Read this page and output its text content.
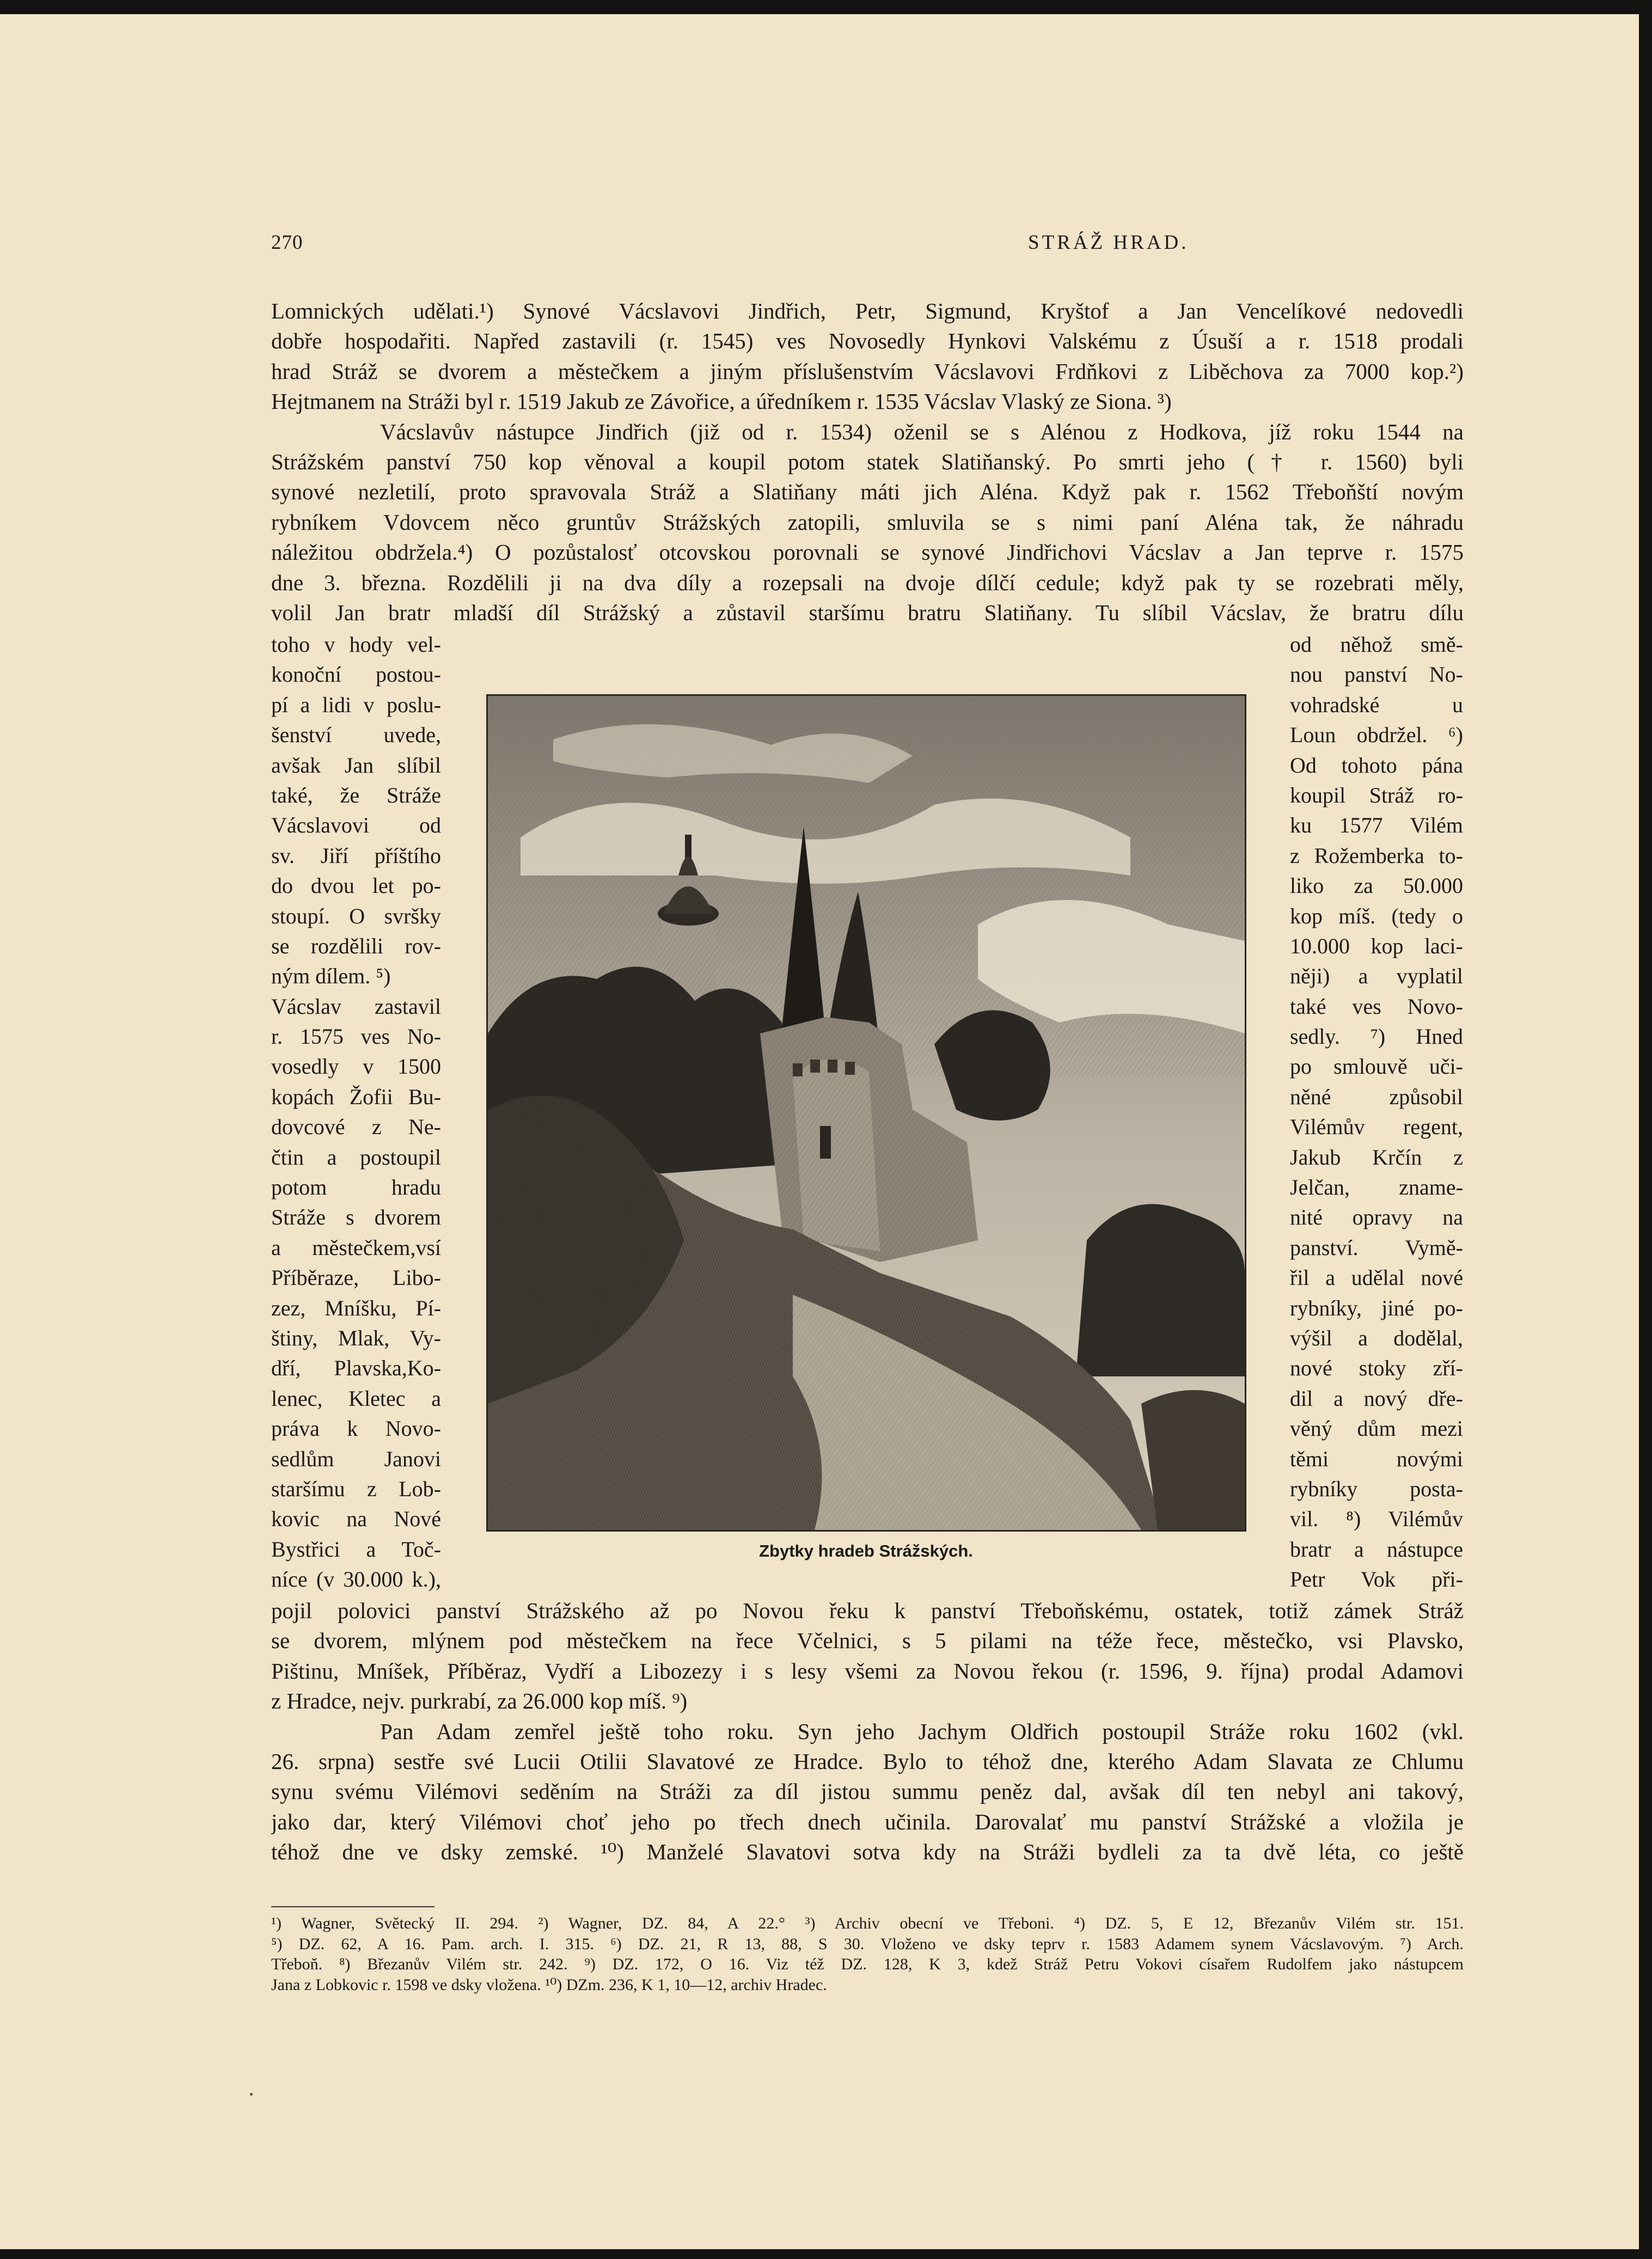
270	STRÁŽ HRAD.
Lomnických udělati.¹) Synové Vácslavovi Jindřich, Petr, Sigmund, Kryštof a Jan Vencelíkové nedovedli
dobře hospodařiti. Napřed zastavili (r. 1545) ves Novosedly Hynkovi Valskému z Úsuší a r. 1518 prodali
hrad Stráž se dvorem a městečkem a jiným příslušenstvím Vácslavovi Frdňkovi z Liběchova za 7000 kop.²)
Hejtmanem na Stráži byl r. 1519 Jakub ze Závořice, a úředníkem r. 1535 Vácslav Vlaský ze Siona. ³)
Vácslavův nástupce Jindřich (již od r. 1534) oženil se s Alénou z Hodkova, jíž roku 1544 na
Strážském panství 750 kop věnoval a koupil potom statek Slatiňanský. Po smrti jeho († r. 1560) byli
synové nezletilí, proto spravovala Stráž a Slatiňany máti jich Aléna. Když pak r. 1562 Třeboňští novým
rybníkem Vdovcem něco gruntův Strážských zatopili, smluvila se s nimi paní Aléna tak, že náhradu
náležitou obdržela.⁴) O pozůstalosť otcovskou porovnali se synové Jindřichovi Vácslav a Jan teprve r. 1575
dne 3. března. Rozdělili ji na dva díly a rozepsali na dvoje dílčí cedule; když pak ty se rozebrati měly,
volil Jan bratr mladší díl Strážský a zůstavil staršímu bratru Slatiňany. Tu slíbil Vácslav, že bratru dílu
toho v hody vel-
konoční postou-
pí a lidi v poslu-
šenství uvede,
avšak Jan slíbil
také, že Stráže
Vácslavovi od
sv. Jiří příštího
do dvou let po-
stoupí. O svršky
se rozdělili rov-
ným dílem. ⁵)
Vácslav zastavil
r. 1575 ves No-
vosedly v 1500
kopách Žofii Bu-
dovcové z Ne-
čtin a postoupil
potom hradu
Stráže s dvorem
a městečkem,vsí
Příběraze, Libo-
zez, Mníšku, Pí-
štiny, Mlak, Vy-
dří, Plavska,Ko-
lenec, Kletec a
práva k Novo-
sedlům Janovi
staršímu z Lob-
kovic na Nové
Bystřici a Toč-
níce (v 30.000 k.),
Zbytky hradeb Strážských.
od něhož smě-
nou panství No-
vohradské u
Loun obdržel. ⁶)
Od tohoto pána
koupil Stráž ro-
ku 1577 Vilém
z Rožemberka to-
liko za 50.000
kop míš. (tedy o
10.000 kop laci-
něji) a vyplatil
také ves Novo-
sedly. ⁷) Hned
po smlouvě uči-
něné způsobil
Vilémův regent,
Jakub Krčín z
Jelčan, zname-
nité opravy na
panství. Vymě-
řil a udělal nové
rybníky, jiné po-
výšil a dodělal,
nové stoky zří-
dil a nový dře-
věný dům mezi
těmi novými
rybníky posta-
vil. ⁸) Vilémův
bratr a nástupce
Petr Vok při-
pojil polovici panství Strážského až po Novou řeku k panství Třeboňskému, ostatek, totiž zámek Stráž
se dvorem, mlýnem pod městečkem na řece Včelnici, s 5 pilami na téže řece, městečko, vsi Plavsko,
Pištinu, Mníšek, Příběraz, Vydří a Libozezy i s lesy všemi za Novou řekou (r. 1596, 9. října) prodal Adamovi
z Hradce, nejv. purkrabí, za 26.000 kop míš. ⁹)
Pan Adam zemřel ještě toho roku. Syn jeho Jachym Oldřich postoupil Stráže roku 1602 (vkl.
26. srpna) sestře své Lucii Otilii Slavatové ze Hradce. Bylo to téhož dne, kterého Adam Slavata ze Chlumu
synu svému Vilémovi seděním na Stráži za díl jistou summu peněz dal, avšak díl ten nebyl ani takový,
jako dar, který Vilémovi choť jeho po třech dnech učinila. Darovalať mu panství Strážské a vložila je
téhož dne ve dsky zemské. ¹⁰) Manželé Slavatovi sotva kdy na Stráži bydleli za ta dvě léta, co ještě
¹) Wagner, Světecký II. 294. ²) Wagner, DZ. 84, A 22.° ³) Archiv obecní ve Třeboni. ⁴) DZ. 5, E 12, Březanův Vilém str. 151.
⁵) DZ. 62, A 16. Pam. arch. I. 315. ⁶) DZ. 21, R 13, 88, S 30. Vloženo ve dsky teprv r. 1583 Adamem synem Vácslavovým. ⁷) Arch.
Třeboň. ⁸) Březanův Vilém str. 242. ⁹) DZ. 172, O 16. Viz též DZ. 128, K 3, kdež Stráž Petru Vokovi císařem Rudolfem jako nástupcem
Jana z Lobkovic r. 1598 ve dsky vložena. ¹⁰) DZm. 236, K 1, 10—12, archiv Hradec.
